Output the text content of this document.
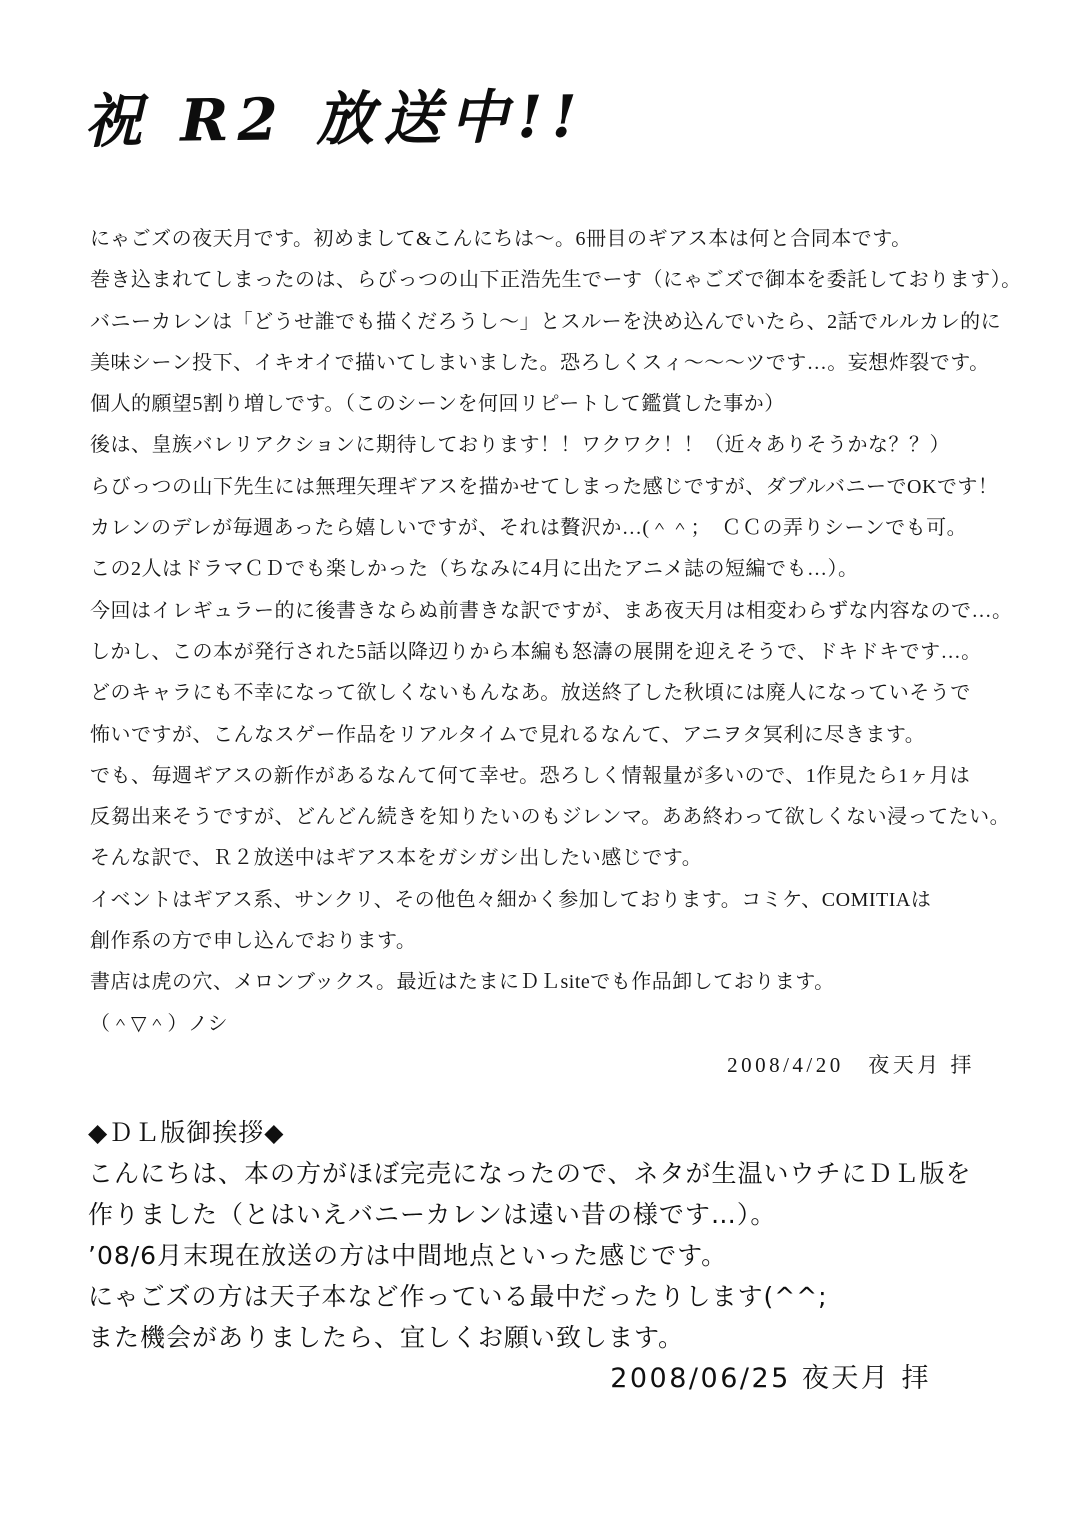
祝 R2 放送中!!

にゃごズの夜天月です。初めまして&こんにちは～。6冊目のギアス本は何と合同本です。

巻き込まれてしまったのは、らびっつの山下正浩先生でーす（にゃごズで御本を委託しております）。

バニーカレンは「どうせ誰でも描くだろうし～」とスルーを決め込んでいたら、2話でルルカレ的に

美味シーン投下、イキオイで描いてしまいました。恐ろしくスィ～～～ツです…。妄想炸裂です。

個人的願望5割り増しです。（このシーンを何回リピートして鑑賞した事か）

後は、皇族バレリアクションに期待しております！！ワクワク！！（近々ありそうかな？？）

らびっつの山下先生には無理矢理ギアスを描かせてしまった感じですが、ダブルバニーでOKです！

カレンのデレが毎週あったら嬉しいですが、それは贅沢か…(＾＾；　ＣＣの弄りシーンでも可。

この2人はドラマＣＤでも楽しかった（ちなみに4月に出たアニメ誌の短編でも…）。

今回はイレギュラー的に後書きならぬ前書きな訳ですが、まあ夜天月は相変わらずな内容なので…。

しかし、この本が発行された5話以降辺りから本編も怒濤の展開を迎えそうで、ドキドキです…。

どのキャラにも不幸になって欲しくないもんなあ。放送終了した秋頃には廃人になっていそうで

怖いですが、こんなスゲー作品をリアルタイムで見れるなんて、アニヲタ冥利に尽きます。

でも、毎週ギアスの新作があるなんて何て幸せ。恐ろしく情報量が多いので、1作見たら1ヶ月は

反芻出来そうですが、どんどん続きを知りたいのもジレンマ。ああ終わって欲しくない浸ってたい。

そんな訳で、Ｒ２放送中はギアス本をガシガシ出したい感じです。

イベントはギアス系、サンクリ、その他色々細かく参加しております。コミケ、COMITIAは

創作系の方で申し込んでおります。

書店は虎の穴、メロンブックス。最近はたまにＤＬsiteでも作品卸しております。

（＾▽＾）ノシ

2008/4/20　夜天月 拝

◆ＤＬ版御挨拶◆

こんにちは、本の方がほぼ完売になったので、ネタが生温いウチにＤＬ版を

作りました（とはいえバニーカレンは遠い昔の様です…）。

’08/6月末現在放送の方は中間地点といった感じです。

にゃごズの方は天子本など作っている最中だったりします(^^;

また機会がありましたら、宜しくお願い致します。

2008/06/25 夜天月 拝
